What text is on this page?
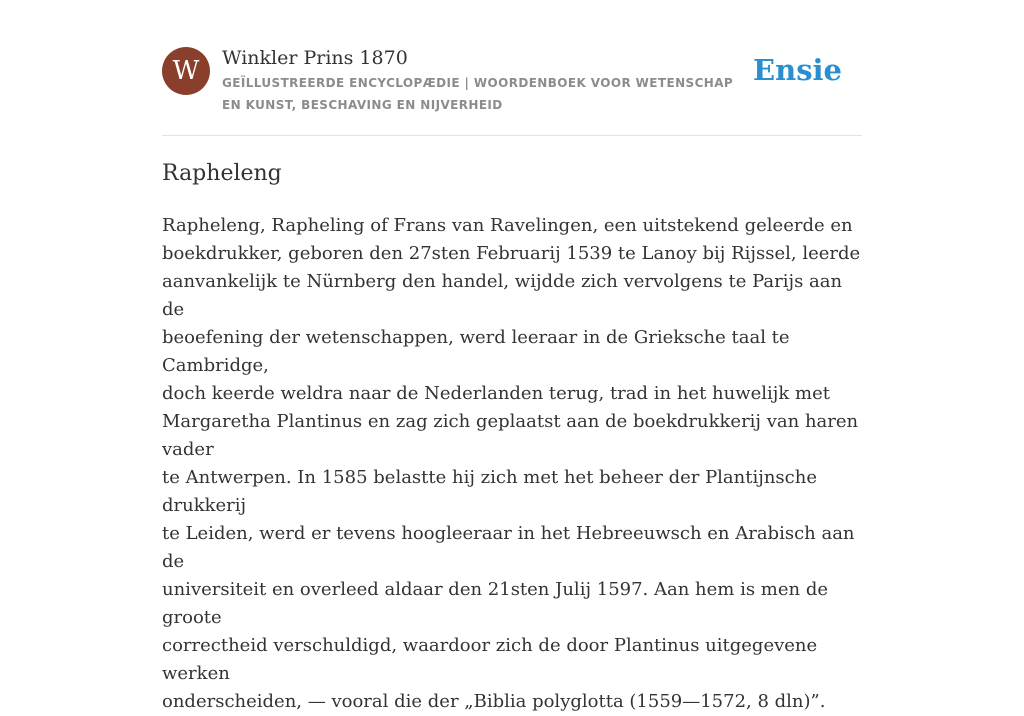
W	Winkler Prins 1870
GEÏLLUSTREERDE ENCYCLOPÆDIE | WOORDENBOEK VOOR WETENSCHAP EN KUNST, BESCHAVING EN NIJVERHEID
Ensie
Rapheleng

Rapheleng, Rapheling of Frans van Ravelingen, een uitstekend geleerde en
boekdrukker, geboren den 27sten Februarij 1539 te Lanoy bij Rijssel, leerde
aanvankelijk te Nürnberg den handel, wijdde zich vervolgens te Parijs aan de
beoefening der wetenschappen, werd leeraar in de Grieksche taal te Cambridge,
doch keerde weldra naar de Nederlanden terug, trad in het huwelijk met
Margaretha Plantinus en zag zich geplaatst aan de boekdrukkerij van haren vader
te Antwerpen. In 1585 belastte hij zich met het beheer der Plantijnsche drukkerij
te Leiden, werd er tevens hoogleeraar in het Hebreeuwsch en Arabisch aan de
universiteit en overleed aldaar den 21sten Julij 1597. Aan hem is men de groote
correctheid verschuldigd, waardoor zich de door Plantinus uitgegevene werken
onderscheiden, — vooral die der „Biblia polyglotta (1559—1572, 8 dln)”.
